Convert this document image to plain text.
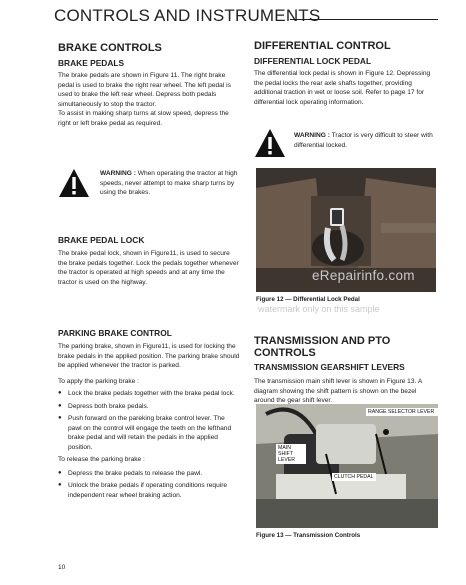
CONTROLS AND INSTRUMENTS
BRAKE CONTROLS
BRAKE PEDALS

The brake pedals are shown in Figure 11. The right brake pedal is used to brake the right rear wheel. The left pedal is used to brake the left rear wheel. Depress both pedals simultaneously to stop the tractor.

To assist in making sharp turns at slow speed, depress the right or left brake pedal as required.

WARNING : When operating the tractor at high speeds, never attempt to make sharp turns by using the brakes.
BRAKE PEDAL LOCK

The brake pedal lock, shown in Figure11, is used to secure the brake pedals together. Lock the pedals together whenever the tractor is operated at high speeds and at any time the tractor is used on the highway.

PARKING BRAKE CONTROL

The parking brake, shown in Figure11, is used for locking the brake pedals in the applied position. The parking brake should be applied whenever the tractor is parked.

To apply the parking brake :

● Lock the brake pedals together with the brake pedal lock.
● Depress both brake pedals.
● Push forward on the pareking brake control lever. The pawl on the control will engage the teeth on the lefthand brake pedal and will retain the pedals in the applied position.

To release the parking brake :

● Depress the brake pedals to release the pawl.
● Unlock the brake pedals if operating conditions require independent rear wheel braking action.
DIFFERENTIAL CONTROL
DIFFERENTIAL LOCK PEDAL

The differential lock pedal is shown in Figure 12. Depressing the pedal locks the rear axle shafts together, providing additional traction in wet or loose soil. Refer to page 17 for differential lock operating information.

WARNING : Tractor is very difficult to steer with differential locked.
Figure 12 — Differential Lock Pedal
eRepairinfo.com
watermark only on this sample
TRANSMISSION AND PTO CONTROLS
TRANSMISSION GEARSHIFT LEVERS

The transmission main shift lever is shown in Figure 13. A diagram showing the shift pattern is shown on the bezel around the gear shift lever.

RANGE SELECTOR LEVER
MAIN SHIFT LEVER
CLUTCH PEDAL
Figure 13 — Transmission Controls
10
